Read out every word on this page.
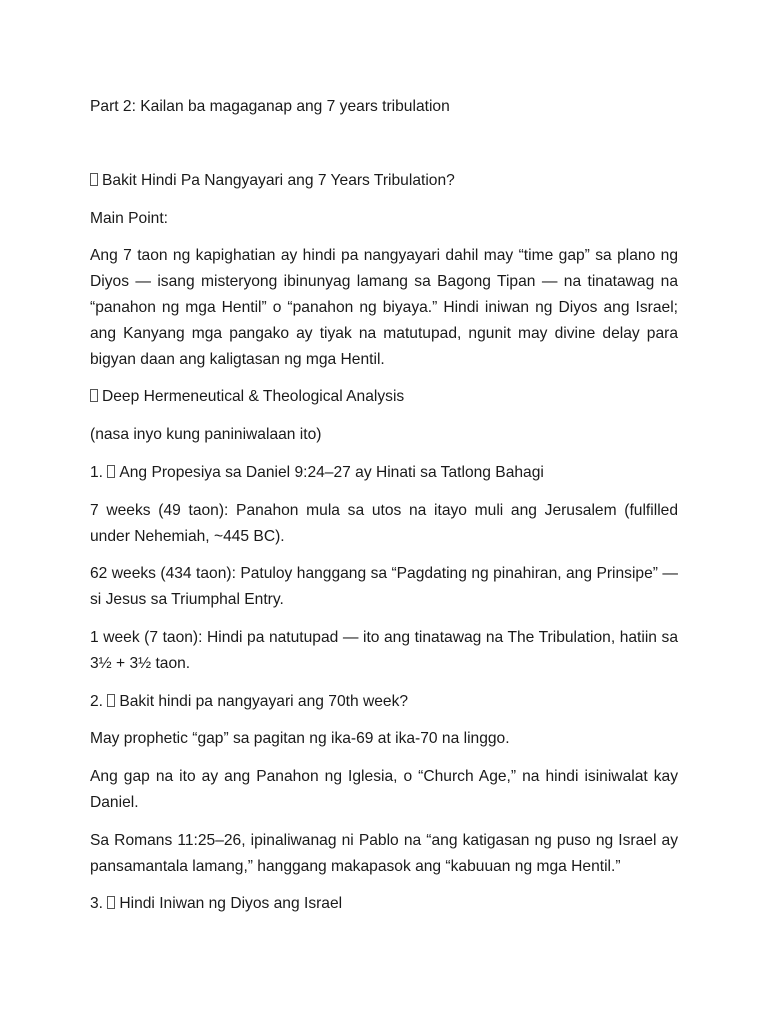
Part 2: Kailan ba magaganap ang 7 years tribulation

Bakit Hindi Pa Nangyayari ang 7 Years Tribulation?

Main Point:

Ang 7 taon ng kapighatian ay hindi pa nangyayari dahil may “time gap” sa plano ng Diyos — isang misteryong ibinunyag lamang sa Bagong Tipan — na tinatawag na “panahon ng mga Hentil” o “panahon ng biyaya.” Hindi iniwan ng Diyos ang Israel; ang Kanyang mga pangako ay tiyak na matutupad, ngunit may divine delay para bigyan daan ang kaligtasan ng mga Hentil.

Deep Hermeneutical & Theological Analysis

(nasa inyo kung paniniwalaan ito)

1. Ang Propesiya sa Daniel 9:24–27 ay Hinati sa Tatlong Bahagi

7 weeks (49 taon): Panahon mula sa utos na itayo muli ang Jerusalem (fulfilled under Nehemiah, ~445 BC).

62 weeks (434 taon): Patuloy hanggang sa “Pagdating ng pinahiran, ang Prinsipe” — si Jesus sa Triumphal Entry.

1 week (7 taon): Hindi pa natutupad — ito ang tinatawag na The Tribulation, hatiin sa 3½ + 3½ taon.

2. Bakit hindi pa nangyayari ang 70th week?

May prophetic “gap” sa pagitan ng ika-69 at ika-70 na linggo.

Ang gap na ito ay ang Panahon ng Iglesia, o “Church Age,” na hindi isiniwalat kay Daniel.

Sa Romans 11:25–26, ipinaliwanag ni Pablo na “ang katigasan ng puso ng Israel ay pansamantala lamang,” hanggang makapasok ang “kabuuan ng mga Hentil.”

3. Hindi Iniwan ng Diyos ang Israel
